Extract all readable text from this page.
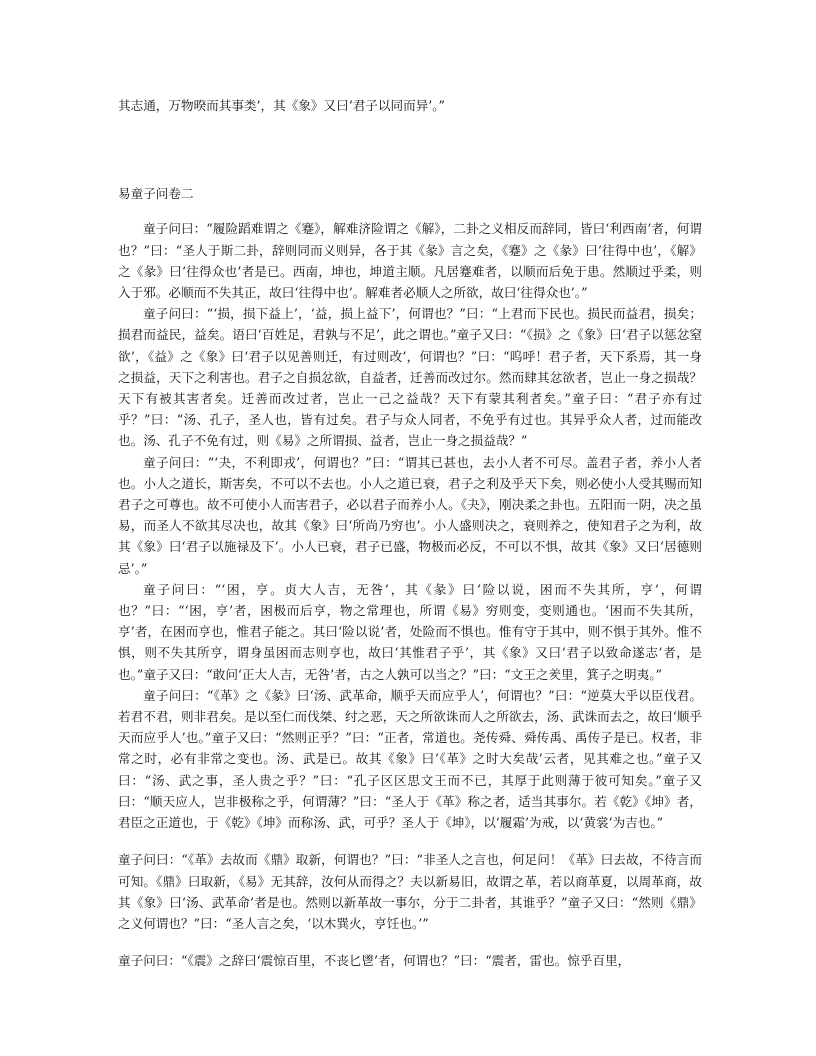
其志通，万物暌而其事类’，其《象》又曰‘君子以同而异’。”

易童子问卷二

童子问曰：“履险蹈难谓之《蹇》，解难济险谓之《解》，二卦之义相反而辞同，皆曰‘利西南’者，何谓也？”曰：“圣人于斯二卦，辞则同而义则异，各于其《彖》言之矣，《蹇》之《彖》曰‘往得中也’，《解》之《彖》曰‘往得众也’者是已。西南，坤也，坤道主顺。凡居蹇难者，以顺而后免于患。然顺过乎柔，则入于邪。必顺而不失其正，故曰‘往得中也’。解难者必顺人之所欲，故曰‘往得众也’。”

童子问曰：“‘损，损下益上’，‘益，损上益下’，何谓也？”曰：“上君而下民也。损民而益君，损矣；损君而益民，益矣。语曰‘百姓足，君孰与不足’，此之谓也。”童子又曰：“《损》之《象》曰‘君子以惩忿窒欲’，《益》之《象》曰‘君子以见善则迁，有过则改’，何谓也？”曰：“呜呼！君子者，天下系焉，其一身之损益，天下之利害也。君子之自损忿欲，自益者，迁善而改过尔。然而肆其忿欲者，岂止一身之损哉？天下有被其害者矣。迁善而改过者，岂止一己之益哉？天下有蒙其利者矣。”童子曰：“君子亦有过乎？”曰：“汤、孔子，圣人也，皆有过矣。君子与众人同者，不免乎有过也。其异乎众人者，过而能改也。汤、孔子不免有过，则《易》之所谓损、益者，岂止一身之损益哉？”

童子问曰：“‘夬，不利即戎’，何谓也？”曰：“谓其已甚也，去小人者不可尽。盖君子者，养小人者也。小人之道长，斯害矣，不可以不去也。小人之道已衰，君子之利及乎天下矣，则必使小人受其赐而知君子之可尊也。故不可使小人而害君子，必以君子而养小人。《夬》，刚决柔之卦也。五阳而一阴，决之虽易，而圣人不欲其尽决也，故其《象》曰‘所尚乃穷也’。小人盛则决之，衰则养之，使知君子之为利，故其《象》曰‘君子以施禄及下’。小人已衰，君子已盛，物极而必反，不可以不惧，故其《象》又曰‘居德则忌’。”

童子问曰：“‘困，亨。贞大人吉，无咎’，其《彖》曰‘险以说，困而不失其所，亨’，何谓也？”曰：“‘困，亨’者，困极而后亨，物之常理也，所谓《易》穷则变，变则通也。‘困而不失其所，亨’者，在困而亨也，惟君子能之。其曰‘险以说’者，处险而不惧也。惟有守于其中，则不惧于其外。惟不惧，则不失其所亨，谓身虽困而志则亨也，故曰‘其惟君子乎’，其《象》又曰‘君子以致命遂志’者，是也。”童子又曰：“敢问‘正大人吉，无咎’者，古之人孰可以当之？”曰：“文王之羑里，箕子之明夷。”

童子问曰：“《革》之《彖》曰‘汤、武革命，顺乎天而应乎人’，何谓也？”曰：“逆莫大乎以臣伐君。若君不君，则非君矣。是以至仁而伐桀、纣之恶，天之所欲诛而人之所欲去，汤、武诛而去之，故曰‘顺乎天而应乎人’也。”童子又曰：“然则正乎？”曰：“正者，常道也。尧传舜、舜传禹、禹传子是已。权者，非常之时，必有非常之变也。汤、武是已。故其《象》曰‘《革》之时大矣哉’云者，见其难之也。”童子又曰：“汤、武之事，圣人贵之乎？”曰：“孔子区区思文王而不已，其厚于此则薄于彼可知矣。”童子又曰：“顺天应人，岂非极称之乎，何谓薄？”曰：“圣人于《革》称之者，适当其事尔。若《乾》《坤》者，君臣之正道也，于《乾》《坤》而称汤、武，可乎？圣人于《坤》，以‘履霜’为戒，以‘黄裳’为吉也。”

童子问曰：“《革》去故而《鼎》取新，何谓也？”曰：“非圣人之言也，何足问！《革》曰去故，不待言而可知。《鼎》曰取新，《易》无其辞，汝何从而得之？夫以新易旧，故谓之革，若以商革夏，以周革商，故其《象》曰‘汤、武革命’者是也。然则以新革故一事尔，分于二卦者，其谁乎？”童子又曰：“然则《鼎》之义何谓也？”曰：“圣人言之矣，‘以木巽火，亨饪也。’”

童子问曰：“《震》之辞曰‘震惊百里，不丧匕鬯’者，何谓也？”曰：“震者，雷也。惊乎百里，
